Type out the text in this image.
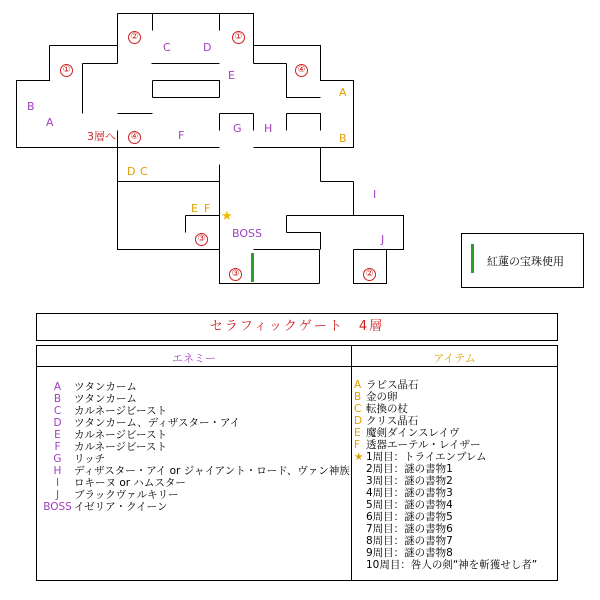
B
A
C	D
E
F
G H
I
J
BOSS
A
B
C
D
E F
★
3層へ
②	①
①	④
④
③
③	②
紅蓮の宝珠使用
セラフィックゲート　4層
エネミー	アイテム
A ツタンカーム
B ツタンカーム
C カルネージビースト
D ツタンカーム、ディザスター・アイ
E カルネージビースト
F カルネージビースト
G リッチ
H ディザスター・アイ or ジャイアント・ロード、ヴァン神族
I ロキーヌ or ハムスター
J ブラックヴァルキリー
BOSS イゼリア・クイーン
A ラピス晶石
B 金の卵
C 転換の杖
D クリス晶石
E 魔剣ダインスレイヴ
F 透器エーテル・レイザー
★ 1周目：トライエンブレム
2周目：謎の書物1
3周目：謎の書物2
4周目：謎の書物3
5周目：謎の書物4
6周目：謎の書物5
7周目：謎の書物6
8周目：謎の書物7
9周目：謎の書物8
10周目：咎人の剣“神を斬獲せし者”
